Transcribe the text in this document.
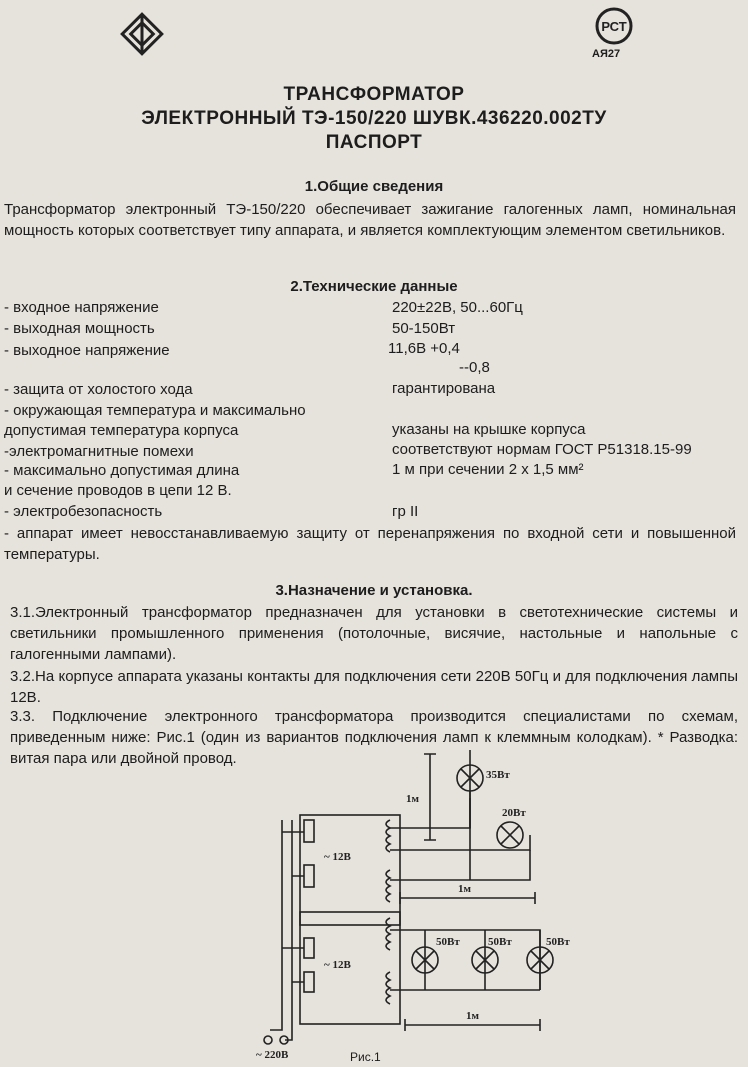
РСТ
АЯ27
ТРАНСФОРМАТОР
ЭЛЕКТРОННЫЙ ТЭ-150/220 ШУВК.436220.002ТУ
ПАСПОРТ
1.Общие сведения
Трансформатор электронный ТЭ-150/220 обеспечивает зажигание галогенных ламп, номинальная мощность которых соответствует типу аппарата, и является комплектующим элементом светильников.
2.Технические данные
- входное напряжение	220±22В, 50...60Гц
- выходная мощность	50-150Вт
- выходное напряжение	11,6В +0,4
--0,8
- защита от холостого хода	гарантирована
- окружающая температура и максимально
допустимая температура корпуса	указаны на крышке корпуса
-электромагнитные помехи	соответствуют нормам ГОСТ Р51318.15-99
- максимально допустимая длина	1 м при сечении 2 х 1,5 мм²
и сечение проводов в цепи 12 В.
- электробезопасность	гр II
- аппарат имеет невосстанавливаемую защиту от перенапряжения по входной сети и повышенной температуры.
3.Назначение и установка.
3.1.Электронный трансформатор предназначен для установки в светотехнические системы и светильники промышленного применения (потолочные, висячие, настольные и напольные с галогенными лампами).
3.2.На корпусе аппарата указаны контакты для подключения сети 220В 50Гц и для подключения лампы 12В.
3.3. Подключение электронного трансформатора производится специалистами по схемам, приведенным ниже: Рис.1 (один из вариантов подключения ламп к клеммным колодкам). * Разводка: витая пара или двойной провод.
1м
35Вт
20Вт
~ 12В
1м
50Вт	50Вт	50Вт
~ 12В
1м
~ 220В	Рис.1
